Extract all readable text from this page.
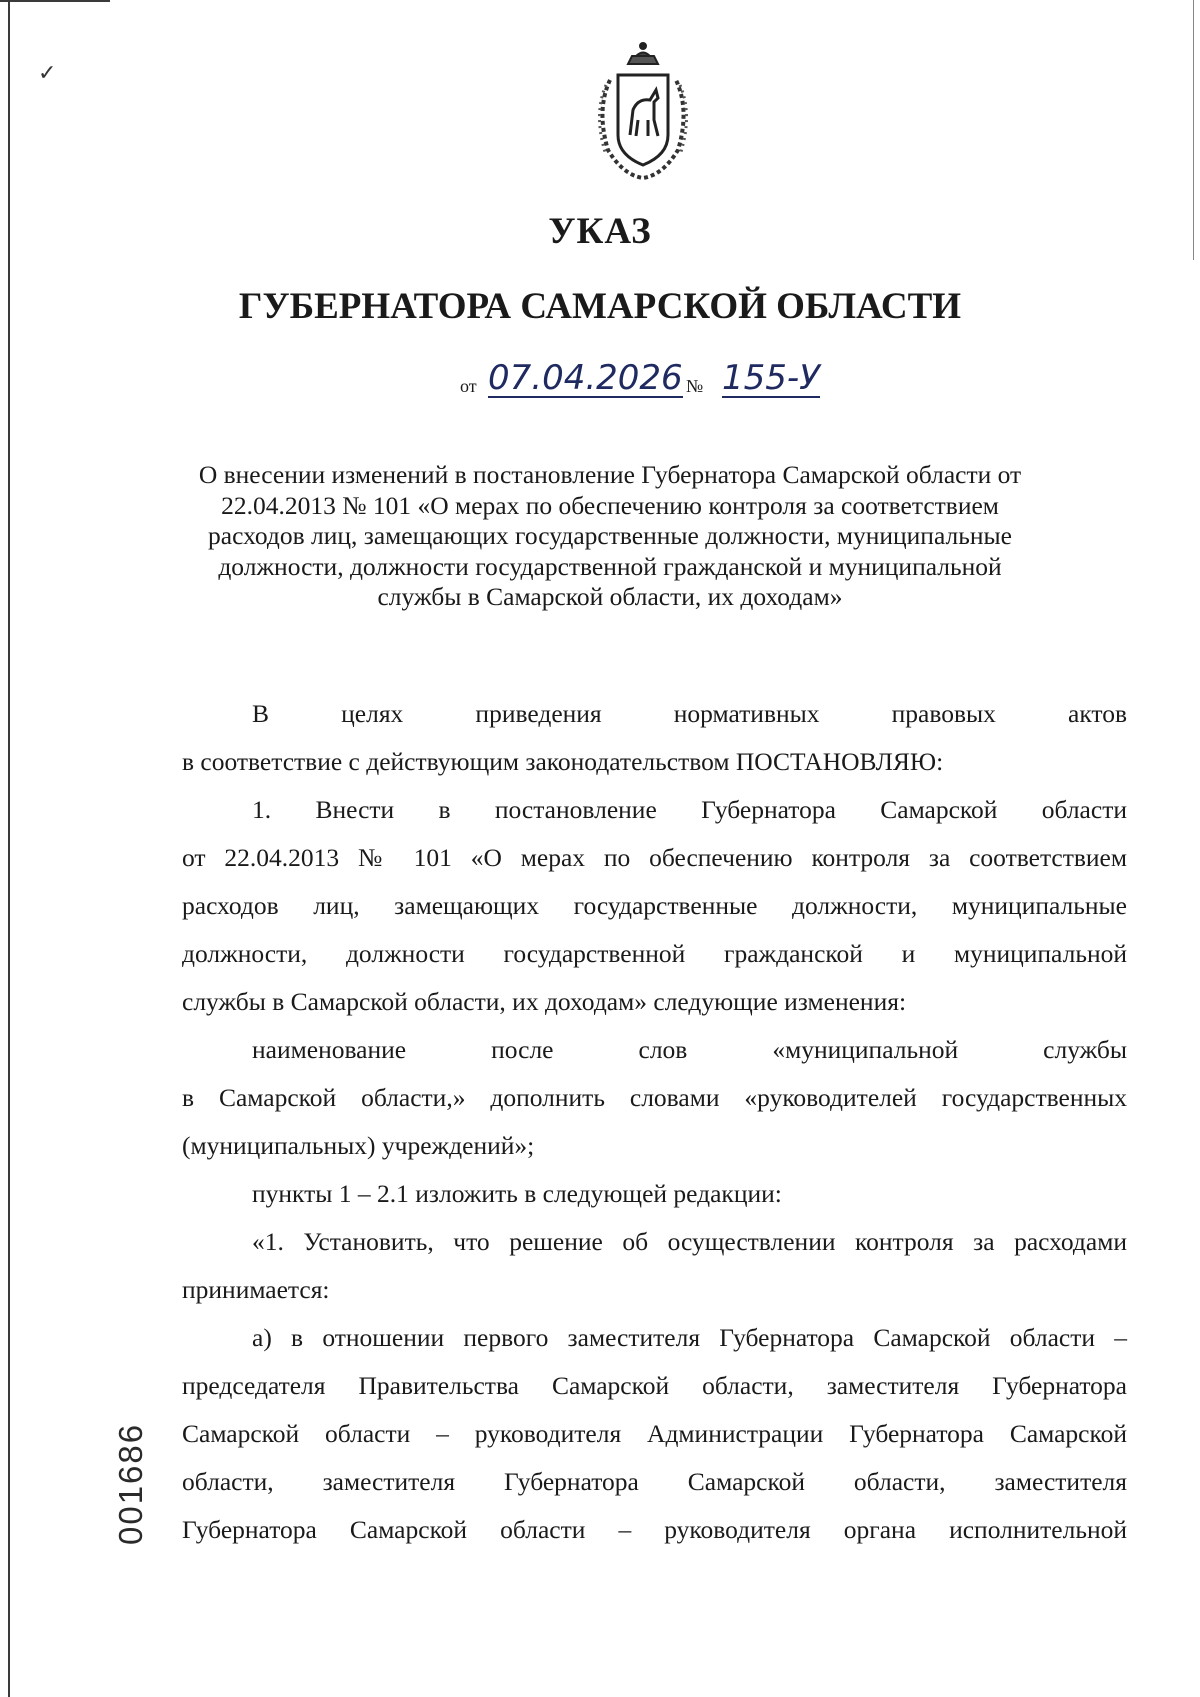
✓
УКАЗ
ГУБЕРНАТОРА САМАРСКОЙ ОБЛАСТИ
от 07.04.2026 № 155-У
О внесении изменений в постановление Губернатора Самарской области от 22.04.2013 № 101 «О мерах по обеспечению контроля за соответствием расходов лиц, замещающих государственные должности, муниципальные должности, должности государственной гражданской и муниципальной службы в Самарской области, их доходам»

В целях приведения нормативных правовых актов

в соответствие с действующим законодательством ПОСТАНОВЛЯЮ:

1. Внести в постановление Губернатора Самарской области

от 22.04.2013 № 101 «О мерах по обеспечению контроля за соответствием

расходов лиц, замещающих государственные должности, муниципальные

должности, должности государственной гражданской и муниципальной

службы в Самарской области, их доходам» следующие изменения:

наименование после слов «муниципальной службы

в Самарской области,» дополнить словами «руководителей государственных

(муниципальных) учреждений»;

пункты 1 – 2.1 изложить в следующей редакции:

«1. Установить, что решение об осуществлении контроля за расходами

принимается:

а) в отношении первого заместителя Губернатора Самарской области –

председателя Правительства Самарской области, заместителя Губернатора

Самарской области – руководителя Администрации Губернатора Самарской

области, заместителя Губернатора Самарской области, заместителя

Губернатора Самарской области – руководителя органа исполнительной

001686
